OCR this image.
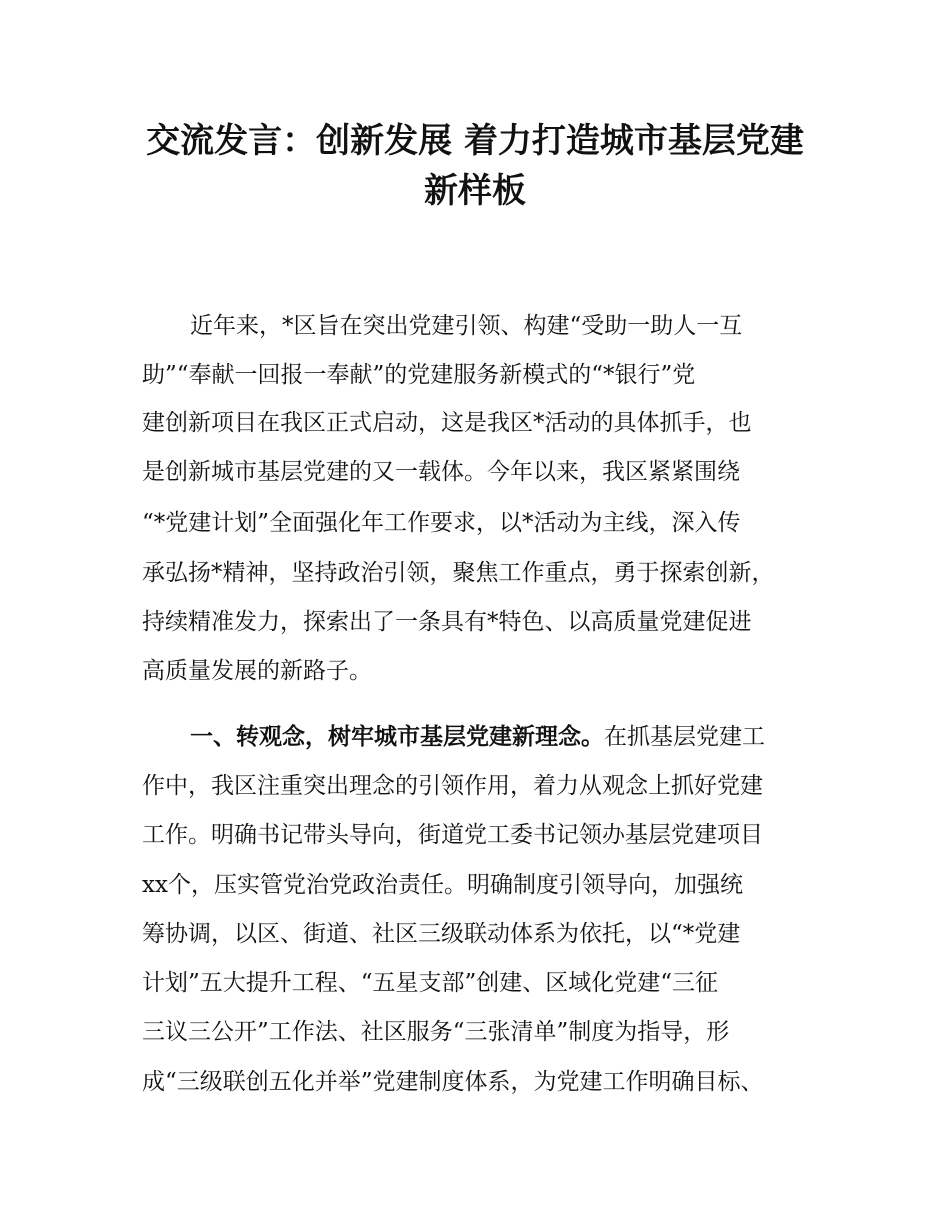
交流发言：创新发展 着力打造城市基层党建
新样板

近年来，*区旨在突出党建引领、构建“受助一助人一互

助”“奉献一回报一奉献”的党建服务新模式的“*银行”党

建创新项目在我区正式启动，这是我区*活动的具体抓手，也

是创新城市基层党建的又一载体。今年以来，我区紧紧围绕

“*党建计划”全面强化年工作要求，以*活动为主线，深入传

承弘扬*精神，坚持政治引领，聚焦工作重点，勇于探索创新，

持续精准发力，探索出了一条具有*特色、以高质量党建促进

高质量发展的新路子。

一、转观念，树牢城市基层党建新理念。在抓基层党建工

作中，我区注重突出理念的引领作用，着力从观念上抓好党建

工作。明确书记带头导向，街道党工委书记领办基层党建项目

xx个，压实管党治党政治责任。明确制度引领导向，加强统

筹协调，以区、街道、社区三级联动体系为依托，以“*党建

计划”五大提升工程、“五星支部”创建、区域化党建“三征

三议三公开”工作法、社区服务“三张清单”制度为指导，形

成“三级联创五化并举”党建制度体系，为党建工作明确目标、
